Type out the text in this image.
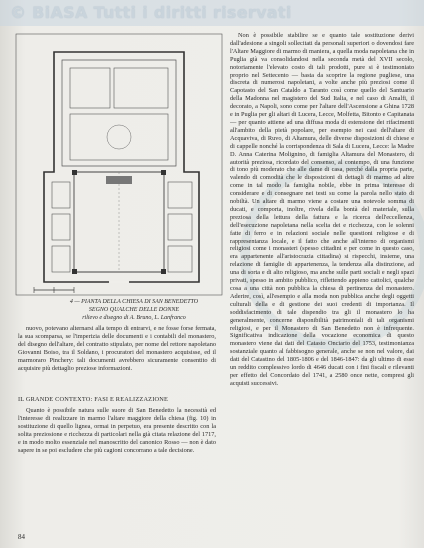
© BiASA Tutti i diritti riservati
4 — PIANTA DELLA CHIESA DI SAN BENEDETTO
SEGNO QUALCHE DELLE DONNE
rilievo e disegno di A. Bruno, L. Lanfranco

nuovo, potevano alternarsi alla tempo di entrarvi, e ne fosse forse fermata, la sua scomparsa, se l'imperizia delle documenti e i contabili del monastero, del disegno dell'altare, del contratto stipulato, per nome del rettore napoletano Giovanni Boiso, tra il Soldano, i procuratori del monastero acquisisse, ed il marmoraro Pinchery: tali documenti avrebbero sicuramente consentito di acquisire più dettaglio preziose informazioni.

IL GRANDE CONTEXTO: FASI E REALIZZAZIONE

Quanto è possibile natura sulle suore di San Benedetto la necessità ed l'interesse di realizzare in marmo l'altare maggiore della chiesa (fig. 10) in sostituzione di quello lignea, ormai in perpetuo, era presente descritto con la solita preziosione e ricchezza di particolari nella già citata relazione del 1717, e in modo molto essenziale nel manoscritto del canonico Rosso — non è dato sapere in se poi escludere che più cagioni concorrano a tale decisione.

Non è possibile stabilire se e quanto tale sostituzione derivi dall'adesione a singoli sollecitati da personali superiori o dovendosi fare l'Altare Maggiore di marmo di maniera, a quella moda napoletana che in Puglia già va consolidandosi nella seconda metà del XVII secolo, notoriamente l'elevato costo di tali prodotti, pure si è testimoniato proprio nel Settecento — basta da scoprire la regione pugliese, una discreta di numerosi napoletani, a volte anche più preziosi come il Capotasto del San Cataldo a Taranto così come quello del Santuario della Madonna nel magistero del Sud Italia, e nel caso di Amalfi, il decorato, a Napoli, sono come per l'altare dell'Ascensione a Ghina 1728 e in Puglia per gli altari di Lucera, Lecce, Molfetta, Bitonto e Capitanata — per quanto attiene ad una diffusa moda di estensione dei rifacimenti all'ambito della pietà popolare, per esempio nei casi dell'altare di Acquaviva, di Ruvo, di Altamura, delle diverse disposizioni di chiese e di cappelle nonché la corrispondenza di Sala di Lucera, Lecce: la Madre D. Anna Caterina Molignino, di famiglia Altamura del Monastero, di autorità preziosa, ricordato del consenso, al contempo, di una funzione di tono più moderato che alle dame di casa, perché dalla propria parte, valendo di comodità che le disposizioni di dettagli di marmo ad altre come in tal modo la famiglia nobile, ebbe in prima interesse di considerare e di consegnare nei testi su come la parola nello stato di nobiltà. Un altare di marmo viene a costare una notevole somma di ducati, e comporta, inoltre, rivela della bontà del materiale, sulla preziosa della lettura della fattura e la ricerca dell'eccellenza, dell'esecuzione napoletana nella scelta dei e ricchezza, con le solenni fatte di ferro e in relazioni sociale nelle questioni religiose e di rappresentanza locale, e il fatto che anche all'interno di organismi religiosi come i monasteri (spesso cittadini e per come in questo caso, era appartenente all'aristocrazia cittadina) si rispecchi, insieme, una relazione di famiglie di appartenenza, la tendenza alla distinzione, ad una di sorta e di alto religioso, ma anche sulle parti sociali e negli spazi privati, spesso in ambito pubblico, riflettendo appieno cattolici, qualche cosa a una città non pubblica la chiesa di pertinenza del monastero. Aderire, così, all'esempio e alla moda non pubblica anche degli oggetti culturali della e di gestione dei suoi credenti di importanza. Il soddisfacimento di tale dispendio tra gli il monastero lo ha generalmente, concerne disponibilità patrimoniali di tali organismi religiosi, e per il Monastero di San Benedetto non è infrequente. Significativa indicazione della vocazione economica di questo monastero viene dai dati del Catasto Onciario del 1753, testimonianza sostanziale quanto al fabbisogno generale, anche se non nel valore, dai dati del Catastino del 1805-1806 e del 1846-1847: da gli ultimo di esse un reddito complessivo lordo di 4646 ducati con i fini fiscali e rilevanti per effetto del Concordato del 1741, a 2580 once nette, compresi gli acquisti successivi.

84
